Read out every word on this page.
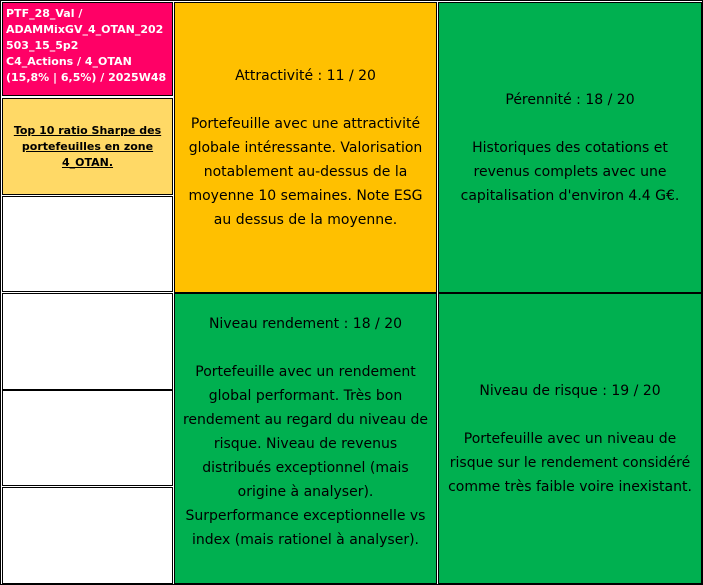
PTF_28_Val /
ADAMMixGV_4_OTAN_202
503_15_5p2
C4_Actions / 4_OTAN
(15,8% | 6,5%) / 2025W48
Top 10 ratio Sharpe des portefeuilles en zone 4_OTAN.
Attractivité : 11 / 20
Portefeuille avec une attractivité globale intéressante. Valorisation notablement au-dessus de la moyenne 10 semaines. Note ESG au dessus de la moyenne.
Pérennité : 18 / 20
Historiques des cotations et revenus complets avec une capitalisation d'environ 4.4 G€.
Niveau rendement : 18 / 20
Portefeuille avec un rendement global performant. Très bon rendement au regard du niveau de risque. Niveau de revenus distribués exceptionnel (mais origine à analyser). Surperformance exceptionnelle vs index (mais rationel à analyser).
Niveau de risque : 19 / 20
Portefeuille avec un niveau de risque sur le rendement considéré comme très faible voire inexistant.
